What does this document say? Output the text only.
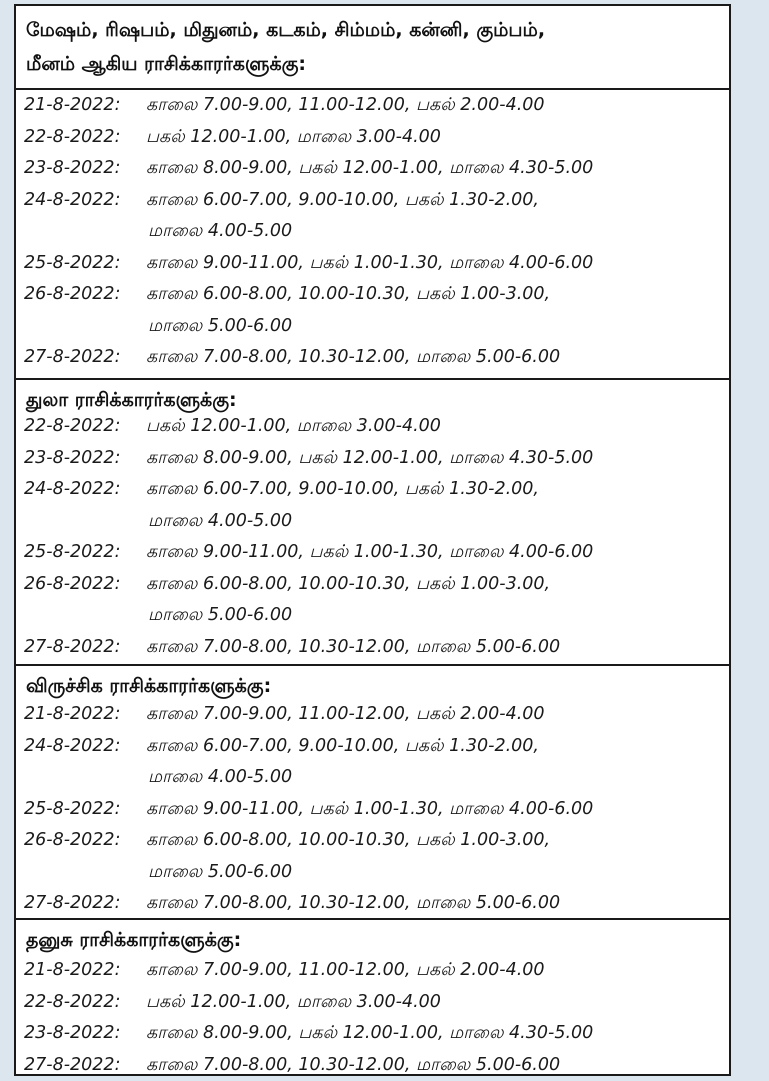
மேஷம், ரிஷபம், மிதுனம், கடகம், சிம்மம், கன்னி, கும்பம்,
மீனம் ஆகிய ராசிக்காரர்களுக்கு:
21-8-2022: காலை 7.00-9.00, 11.00-12.00, பகல் 2.00-4.00
22-8-2022: பகல் 12.00-1.00, மாலை 3.00-4.00
23-8-2022: காலை 8.00-9.00, பகல் 12.00-1.00, மாலை 4.30-5.00
24-8-2022: காலை 6.00-7.00, 9.00-10.00, பகல் 1.30-2.00,
மாலை 4.00-5.00
25-8-2022: காலை 9.00-11.00, பகல் 1.00-1.30, மாலை 4.00-6.00
26-8-2022: காலை 6.00-8.00, 10.00-10.30, பகல் 1.00-3.00,
மாலை 5.00-6.00
27-8-2022: காலை 7.00-8.00, 10.30-12.00, மாலை 5.00-6.00
துலா ராசிக்காரர்களுக்கு:
22-8-2022: பகல் 12.00-1.00, மாலை 3.00-4.00
23-8-2022: காலை 8.00-9.00, பகல் 12.00-1.00, மாலை 4.30-5.00
24-8-2022: காலை 6.00-7.00, 9.00-10.00, பகல் 1.30-2.00,
மாலை 4.00-5.00
25-8-2022: காலை 9.00-11.00, பகல் 1.00-1.30, மாலை 4.00-6.00
26-8-2022: காலை 6.00-8.00, 10.00-10.30, பகல் 1.00-3.00,
மாலை 5.00-6.00
27-8-2022: காலை 7.00-8.00, 10.30-12.00, மாலை 5.00-6.00
விருச்சிக ராசிக்காரர்களுக்கு:
21-8-2022: காலை 7.00-9.00, 11.00-12.00, பகல் 2.00-4.00
24-8-2022: காலை 6.00-7.00, 9.00-10.00, பகல் 1.30-2.00,
மாலை 4.00-5.00
25-8-2022: காலை 9.00-11.00, பகல் 1.00-1.30, மாலை 4.00-6.00
26-8-2022: காலை 6.00-8.00, 10.00-10.30, பகல் 1.00-3.00,
மாலை 5.00-6.00
27-8-2022: காலை 7.00-8.00, 10.30-12.00, மாலை 5.00-6.00
தனுசு ராசிக்காரர்களுக்கு:
21-8-2022: காலை 7.00-9.00, 11.00-12.00, பகல் 2.00-4.00
22-8-2022: பகல் 12.00-1.00, மாலை 3.00-4.00
23-8-2022: காலை 8.00-9.00, பகல் 12.00-1.00, மாலை 4.30-5.00
27-8-2022: காலை 7.00-8.00, 10.30-12.00, மாலை 5.00-6.00
